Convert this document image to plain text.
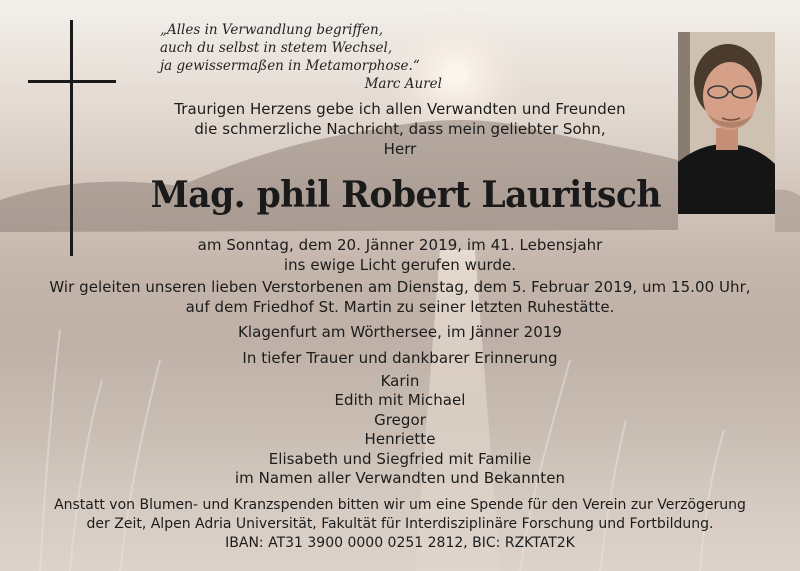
„Alles in Verwandlung begriffen,
auch du selbst in stetem Wechsel,
ja gewissermaßen in Metamorphose.“
Marc Aurel
Traurigen Herzens gebe ich allen Verwandten und Freunden
die schmerzliche Nachricht, dass mein geliebter Sohn,
Herr
Mag. phil Robert Lauritsch
am Sonntag, dem 20. Jänner 2019, im 41. Lebensjahr
ins ewige Licht gerufen wurde.
Wir geleiten unseren lieben Verstorbenen am Dienstag, dem 5. Februar 2019, um 15.00 Uhr,
auf dem Friedhof St. Martin zu seiner letzten Ruhestätte.
Klagenfurt am Wörthersee, im Jänner 2019
In tiefer Trauer und dankbarer Erinnerung
Karin
Edith mit Michael
Gregor
Henriette
Elisabeth und Siegfried mit Familie
im Namen aller Verwandten und Bekannten
Anstatt von Blumen- und Kranzspenden bitten wir um eine Spende für den Verein zur Verzögerung
der Zeit, Alpen Adria Universität, Fakultät für Interdisziplinäre Forschung und Fortbildung.
IBAN: AT31 3900 0000 0251 2812, BIC: RZKTAT2K
